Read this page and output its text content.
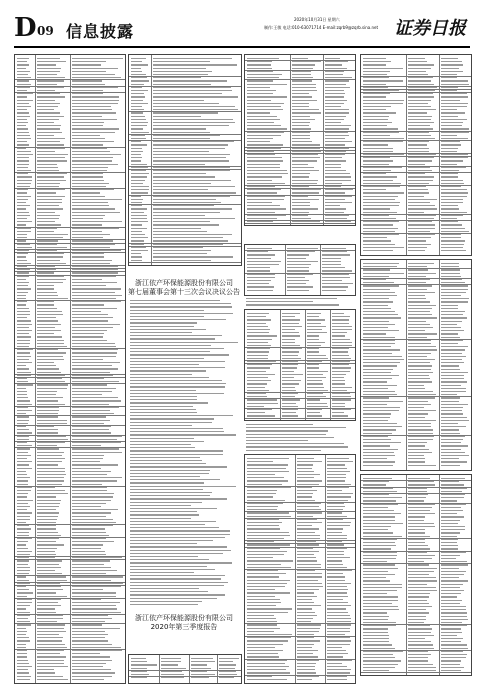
D 09 信息披露
2020年10月31日 星期六
制作:王敏 电话:010-63071714 E-mail:zqrb9@zqrb.sina.net 证券日报
浙江依产环保能源股份有限公司
第七届董事会第十三次会议决议公告
浙江依产环保能源股份有限公司
2020年第三季度报告
